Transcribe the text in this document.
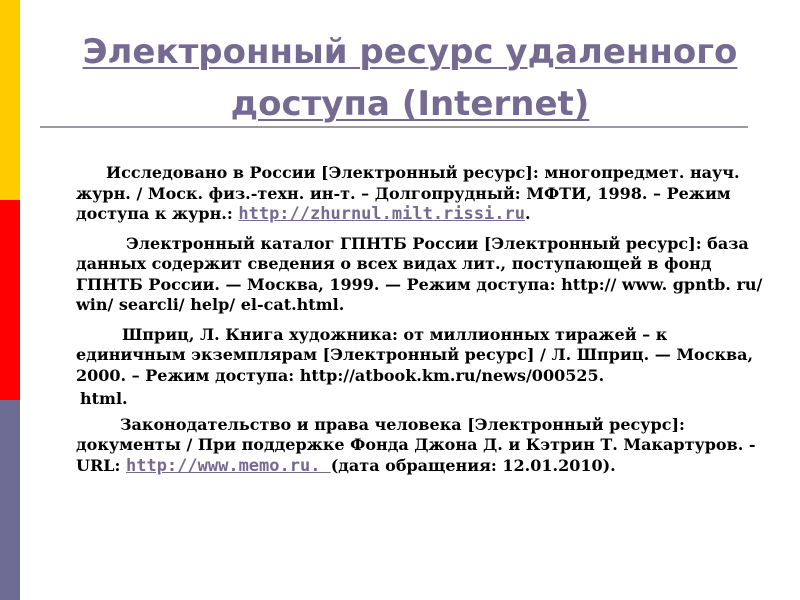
Электронный ресурс удаленного
доступа (Internet)

Исследовано в России [Электронный ресурс]: многопредмет. науч. журн. / Моск. физ.-техн. ин-т. – Долгопрудный: МФТИ, 1998. – Режим доступа к журн.: http://zhurnul.milt.rissi.ru.

Электронный каталог ГПНТБ России [Электронный ресурс]: база данных содержит сведения о всех видах лит., поступающей в фонд ГПНТБ России. — Москва, 1999. — Режим доступа: http:// www. gpntb. ru/ win/ searcli/ help/ el-cat.html.

Шприц, Л. Книга художника: от миллионных тиражей – к единичным экземплярам [Электронный ресурс] / Л. Шприц. — Москва, 2000. – Режим доступа: http://atbook.km.ru/news/000525.

html.

Законодательство и права человека [Электронный ресурс]: документы / При поддержке Фонда Джона Д. и Кэтрин Т. Макартуров. - URL: http://www.memo.ru. (дата обращения: 12.01.2010).
